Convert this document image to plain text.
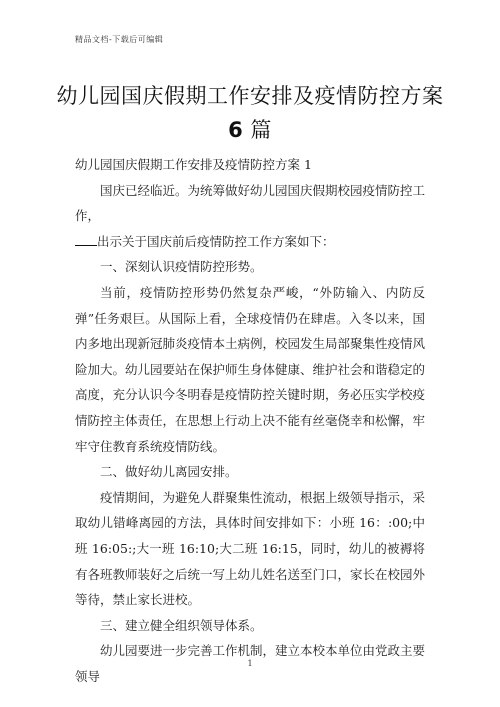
精品文档-下载后可编辑
幼儿园国庆假期工作安排及疫情防控方案
6 篇

幼儿园国庆假期工作安排及疫情防控方案 1

国庆已经临近。为统筹做好幼儿园国庆假期校园疫情防控工作，

出示关于国庆前后疫情防控工作方案如下：

一、深刻认识疫情防控形势。

当前，疫情防控形势仍然复杂严峻，“外防输入、内防反弹”任务艰巨。从国际上看，全球疫情仍在肆虐。入冬以来，国内多地出现新冠肺炎疫情本土病例，校园发生局部聚集性疫情风险加大。幼儿园要站在保护师生身体健康、维护社会和谐稳定的高度，充分认识今冬明春是疫情防控关键时期，务必压实学校疫情防控主体责任，在思想上行动上决不能有丝毫侥幸和松懈，牢牢守住教育系统疫情防线。

二、做好幼儿离园安排。

疫情期间，为避免人群聚集性流动，根据上级领导指示，采取幼儿错峰离园的方法，具体时间安排如下：小班 16：:00;中班 16:05:;大一班 16:10;大二班 16:15，同时，幼儿的被褥将有各班教师装好之后统一写上幼儿姓名送至门口，家长在校园外等待，禁止家长进校。

三、建立健全组织领导体系。

幼儿园要进一步完善工作机制，建立本校本单位由党政主要领导

1
